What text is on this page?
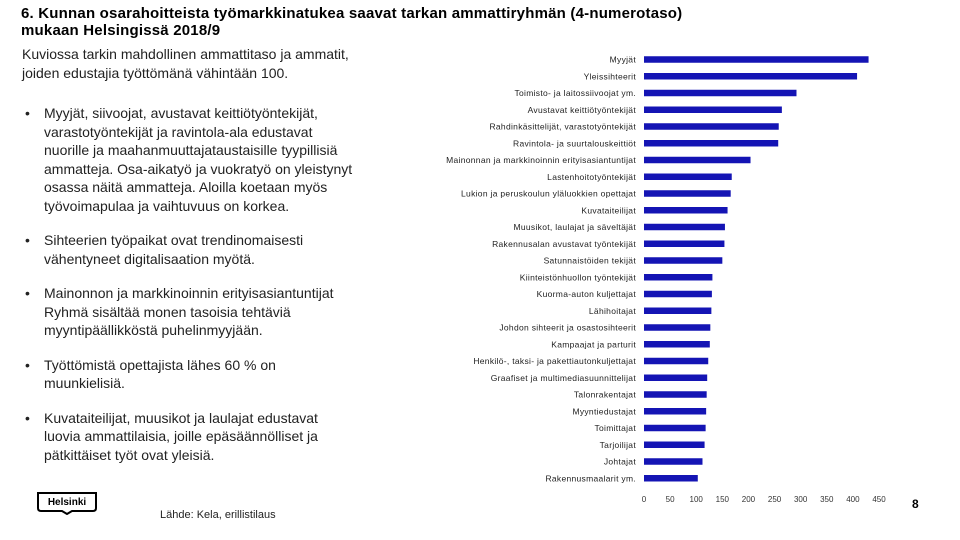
6. Kunnan osarahoitteista työmarkkinatukea saavat tarkan ammattiryhmän (4-numerotaso)
mukaan Helsingissä 2018/9
Kuviossa tarkin mahdollinen ammattitaso ja ammatit,
joiden edustajia työttömänä vähintään 100.
• Myyjät, siivoojat, avustavat keittiötyöntekijät,
varastotyöntekijät ja ravintola-ala edustavat
nuorille ja maahanmuuttajataustaisille tyypillisiä
ammatteja. Osa-aikatyö ja vuokratyö on yleistynyt
osassa näitä ammatteja. Aloilla koetaan myös
työvoimapulaa ja vaihtuvuus on korkea.
• Sihteerien työpaikat ovat trendinomaisesti
vähentyneet digitalisaation myötä.
• Mainonnon ja markkinoinnin erityisasiantuntijat
Ryhmä sisältää monen tasoisia tehtäviä
myyntipäällikköstä puhelinmyyjään.
• Työttömistä opettajista lähes 60 % on
muunkielisiä.
• Kuvataiteilijat, muusikot ja laulajat edustavat
luovia ammattilaisia, joille epäsäännölliset ja
pätkittäiset työt ovat yleisiä.
Helsinki
Lähde: Kela, erillistilaus
8
Myyjät
Yleissihteerit
Toimisto- ja laitossiivoojat ym.
Avustavat keittiötyöntekijät
Rahdinkäsittelijät, varastotyöntekijät
Ravintola- ja suurtalouskeittiöt
Mainonnan ja markkinoinnin erityisasiantuntijat
Lastenhoitotyöntekijät
Lukion ja peruskoulun yläluokkien opettajat
Kuvataiteilijat
Muusikot, laulajat ja säveltäjät
Rakennusalan avustavat työntekijät
Satunnaistöiden tekijät
Kiinteistönhuollon työntekijät
Kuorma-auton kuljettajat
Lähihoitajat
Johdon sihteerit ja osastosihteerit
Kampaajat ja parturit
Henkilö-, taksi- ja pakettiautonkuljettajat
Graafiset ja multimediasuunnittelijat
Talonrakentajat
Myyntiedustajat
Toimittajat
Tarjoilijat
Johtajat
Rakennusmaalarit ym.
0 50 100 150 200 250 300 350 400 450
